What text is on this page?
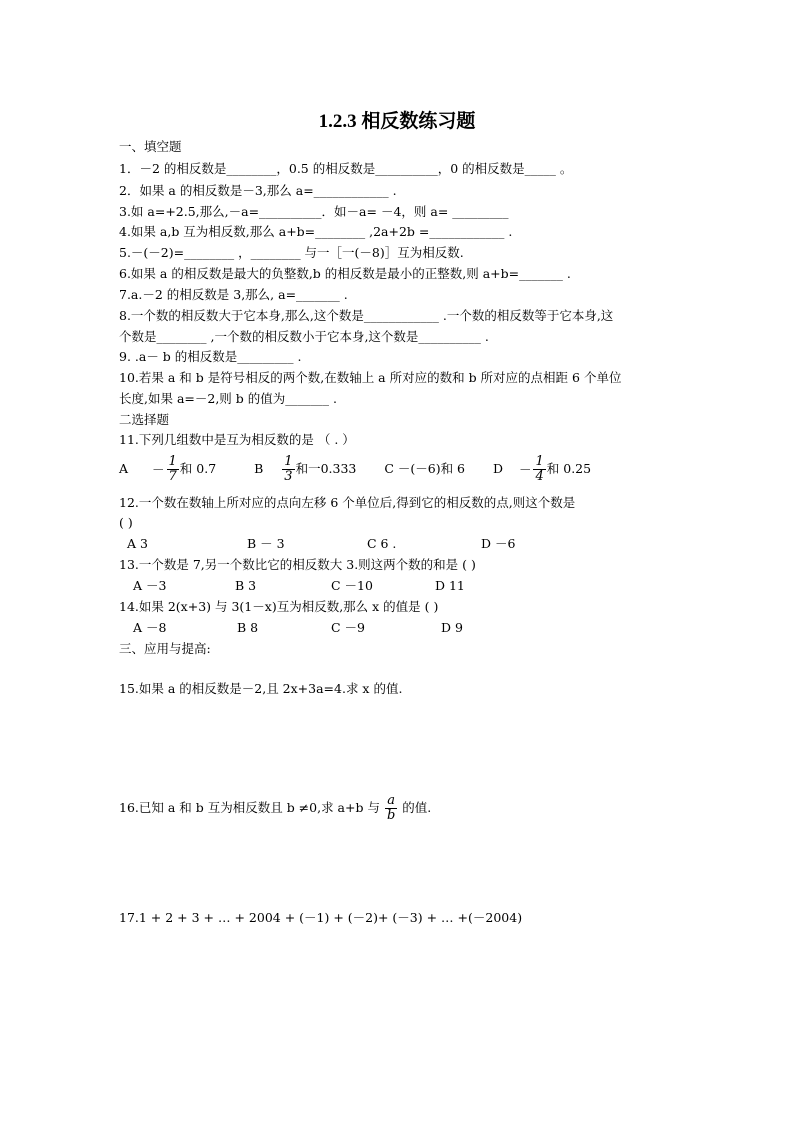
1.2.3 相反数练习题
一、填空题
1．－2 的相反数是________，0.5 的相反数是__________，0 的相反数是_____ 。
2．如果 a 的相反数是－3,那么 a=____________ .
3.如 a=+2.5,那么,－a=__________．如－a= －4，则 a= _________
4.如果 a,b 互为相反数,那么 a+b=________ ,2a+2b =____________ .
5.－(－2)=________ ，________ 与一［一(－8)］互为相反数.
6.如果 a 的相反数是最大的负整数,b 的相反数是最小的正整数,则 a+b=_______ .
7.a.－2 的相反数是 3,那么, a=_______ .
8.一个数的相反数大于它本身,那么,这个数是____________ .一个数的相反数等于它本身,这
个数是________ ,一个数的相反数小于它本身,这个数是__________ .
9. .a－ b 的相反数是_________ .
10.若果 a 和 b 是符号相反的两个数,在数轴上 a 所对应的数和 b 所对应的点相距 6 个单位
长度,如果 a=－2,则 b 的值为_______ .
二选择题
11.下列几组数中是互为相反数的是 （ . ）
$A - \frac{1}{7}$ 和 0.7	B $\frac{1}{3}$ 和一0.333 C －(－6)和 6 $D - \frac{1}{4}$ 和 0.25
12.一个数在数轴上所对应的点向左移 6 个单位后,得到它的相反数的点,则这个数是
( )
A 3	B － 3	C 6 .	D －6
13.一个数是 7,另一个数比它的相反数大 3.则这两个数的和是 ( )
A －3	B 3	C －10	D 11
14.如果 2(x+3) 与 3(1－x)互为相反数,那么 x 的值是 ( )
A －8	B 8	C －9	D 9
三、应用与提高:
15.如果 a 的相反数是－2,且 2x+3a=4.求 x 的值.
16.已知 a 和 b 互为相反数且 b ≠0,求 a+b 与 $\frac{a}{b}$ 的值.
17.1 + 2 + 3 + … + 2004 + (－1) + (－2)+ (－3) + … +(－2004)
